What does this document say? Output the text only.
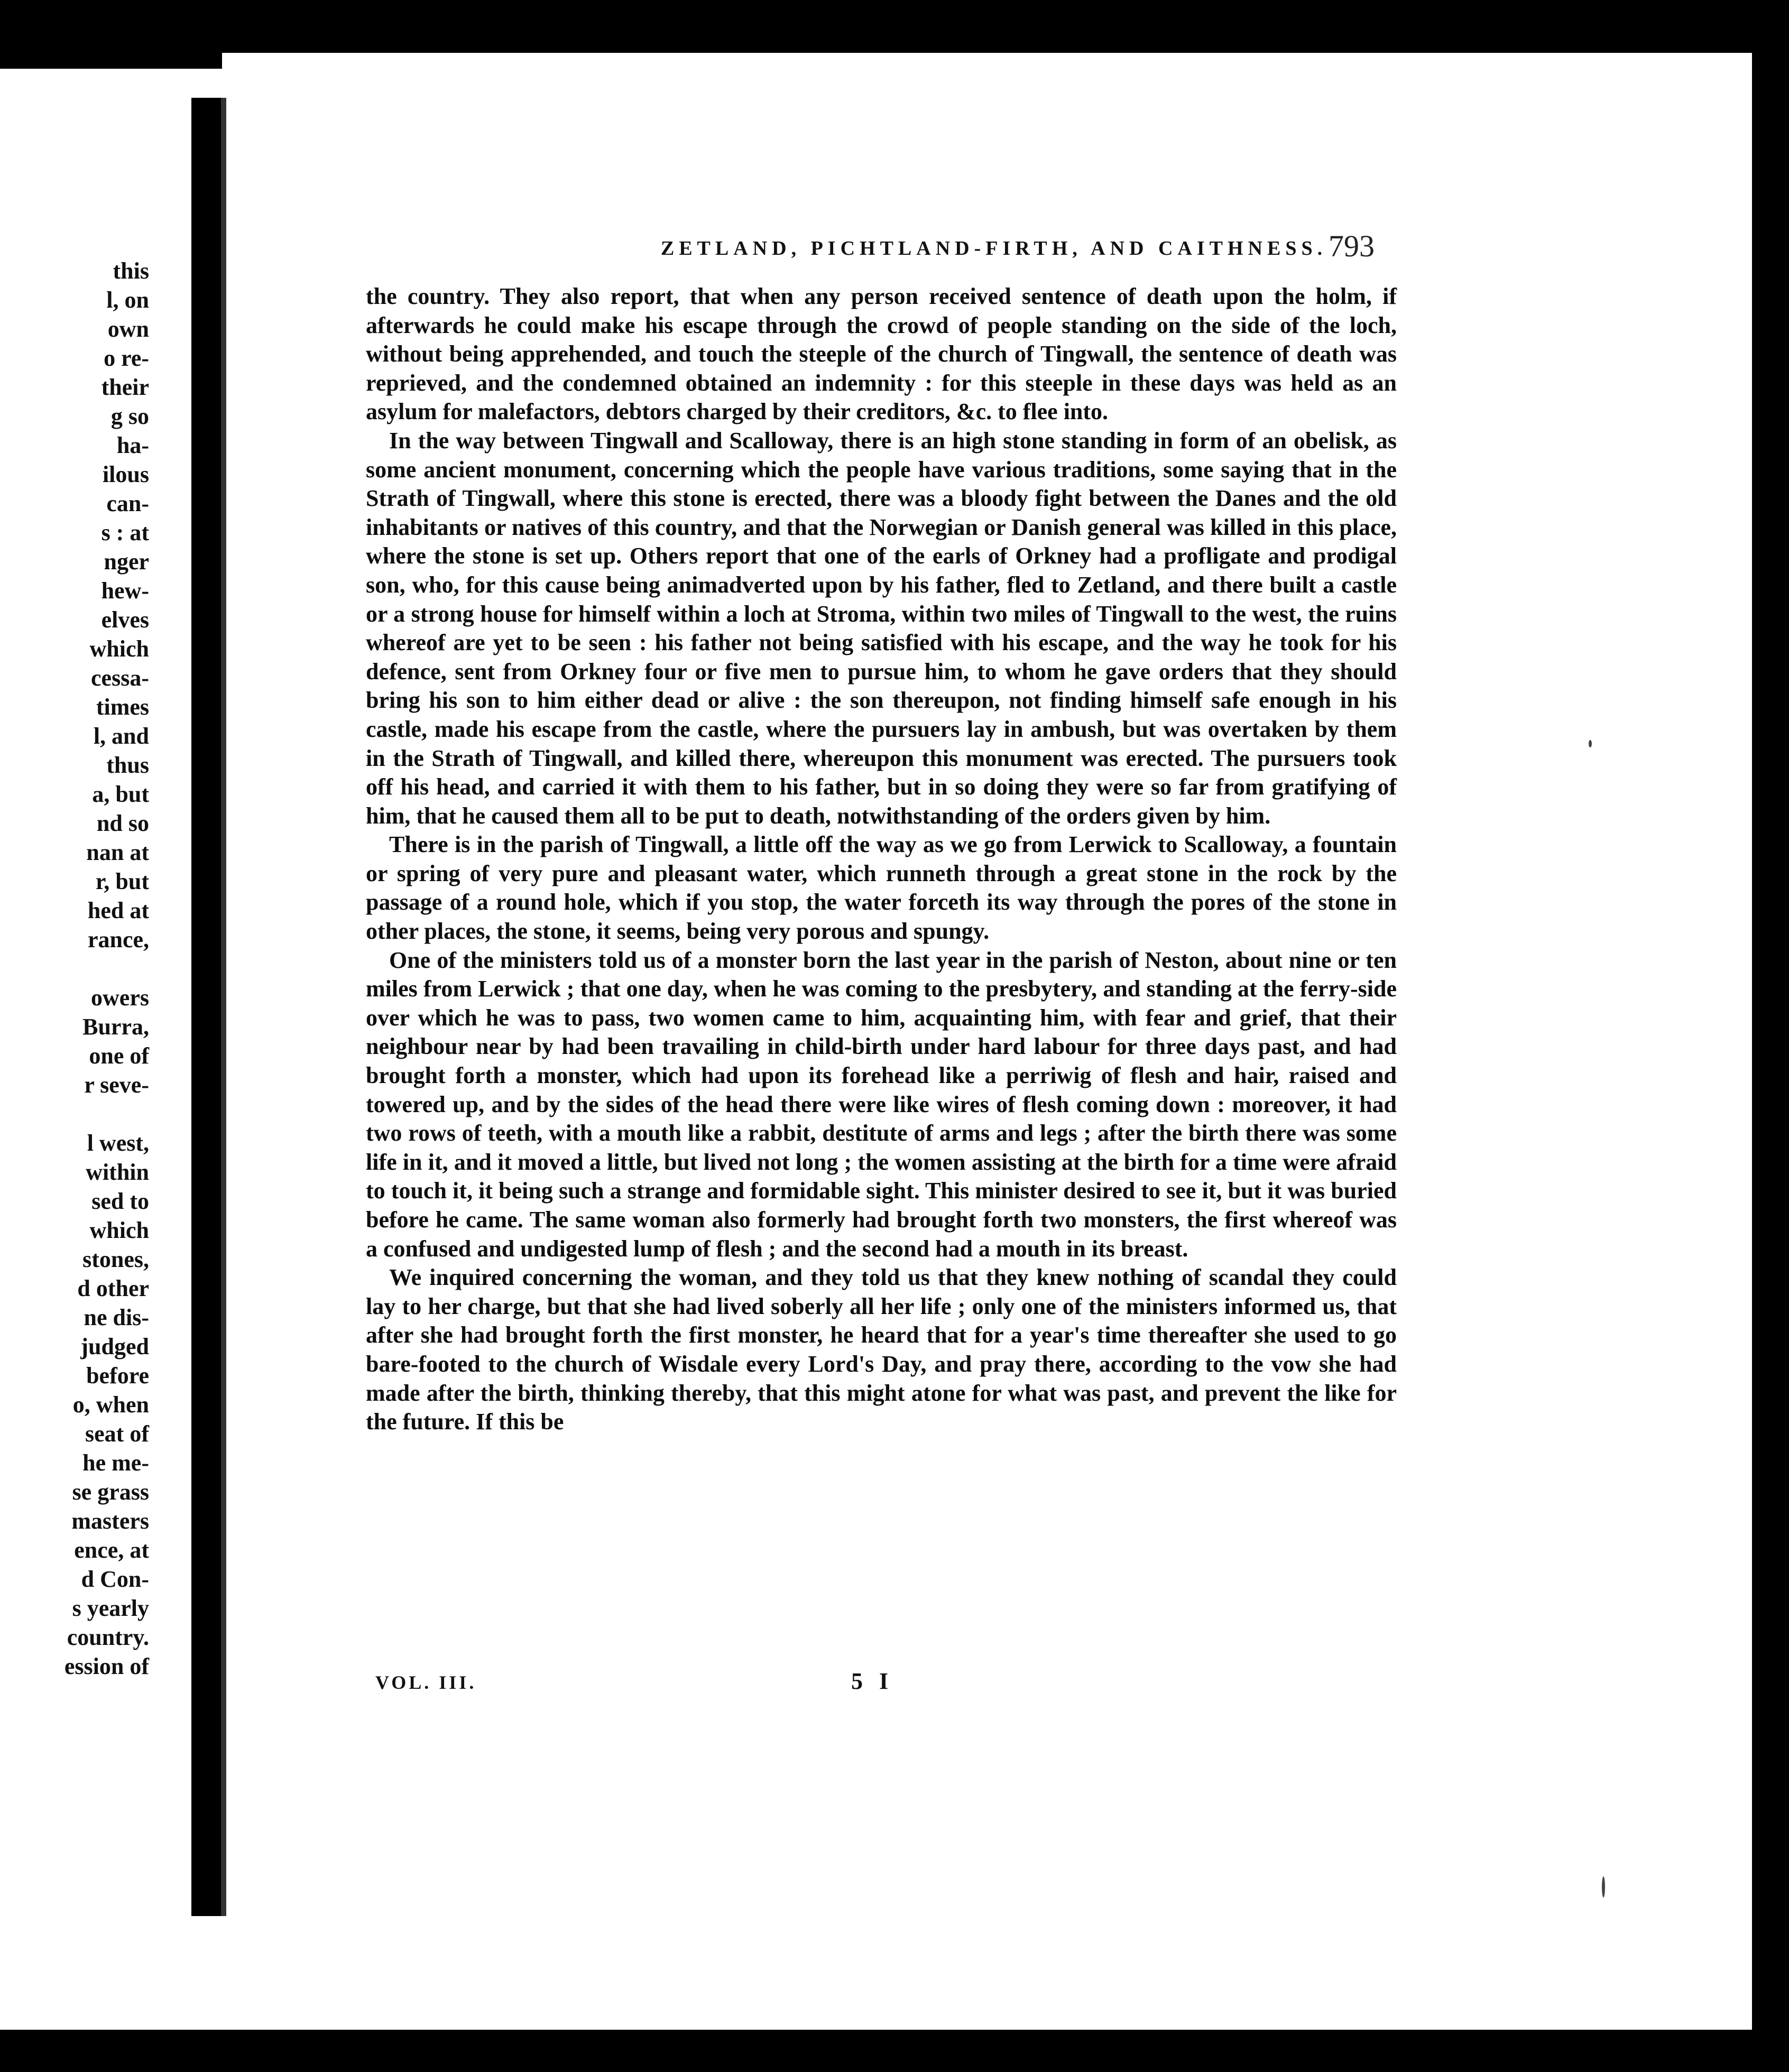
this
l, on
own
o re-
their
g so
ha-
ilous
can-
s : at
nger
hew-
elves
which
cessa-
times
l, and
thus
a, but
nd so
nan at
r, but
hed at
rance,
owers
Burra,
one of
r seve-
l west,
within
sed to
which
stones,
d other
ne dis-
judged
before
o, when
seat of
he me-
se grass
masters
ence, at
d Con-
s yearly
country.
ession of
ZETLAND, PICHTLAND-FIRTH, AND CAITHNESS. 793

the country. They also report, that when any person received sentence of death upon the holm, if afterwards he could make his escape through the crowd of people standing on the side of the loch, without being apprehended, and touch the steeple of the church of Tingwall, the sentence of death was reprieved, and the condemned obtained an indemnity : for this steeple in these days was held as an asylum for malefactors, debtors charged by their creditors, &c. to flee into.

In the way between Tingwall and Scalloway, there is an high stone standing in form of an obelisk, as some ancient monument, concerning which the people have various traditions, some saying that in the Strath of Tingwall, where this stone is erected, there was a bloody fight between the Danes and the old inhabitants or natives of this country, and that the Norwegian or Danish general was killed in this place, where the stone is set up. Others report that one of the earls of Orkney had a profligate and prodigal son, who, for this cause being animadverted upon by his father, fled to Zetland, and there built a castle or a strong house for himself within a loch at Stroma, within two miles of Tingwall to the west, the ruins whereof are yet to be seen : his father not being satisfied with his escape, and the way he took for his defence, sent from Orkney four or five men to pursue him, to whom he gave orders that they should bring his son to him either dead or alive : the son thereupon, not finding himself safe enough in his castle, made his escape from the castle, where the pursuers lay in ambush, but was overtaken by them in the Strath of Tingwall, and killed there, whereupon this monument was erected. The pursuers took off his head, and carried it with them to his father, but in so doing they were so far from gratifying of him, that he caused them all to be put to death, notwithstanding of the orders given by him.

There is in the parish of Tingwall, a little off the way as we go from Lerwick to Scalloway, a fountain or spring of very pure and pleasant water, which runneth through a great stone in the rock by the passage of a round hole, which if you stop, the water forceth its way through the pores of the stone in other places, the stone, it seems, being very porous and spungy.

One of the ministers told us of a monster born the last year in the parish of Neston, about nine or ten miles from Lerwick ; that one day, when he was coming to the presbytery, and standing at the ferry-side over which he was to pass, two women came to him, acquainting him, with fear and grief, that their neighbour near by had been travailing in child-birth under hard labour for three days past, and had brought forth a monster, which had upon its forehead like a perriwig of flesh and hair, raised and towered up, and by the sides of the head there were like wires of flesh coming down : moreover, it had two rows of teeth, with a mouth like a rabbit, destitute of arms and legs ; after the birth there was some life in it, and it moved a little, but lived not long ; the women assisting at the birth for a time were afraid to touch it, it being such a strange and formidable sight. This minister desired to see it, but it was buried before he came. The same woman also formerly had brought forth two monsters, the first whereof was a confused and undigested lump of flesh ; and the second had a mouth in its breast.

We inquired concerning the woman, and they told us that they knew nothing of scandal they could lay to her charge, but that she had lived soberly all her life ; only one of the ministers informed us, that after she had brought forth the first monster, he heard that for a year's time thereafter she used to go bare-footed to the church of Wisdale every Lord's Day, and pray there, according to the vow she had made after the birth, thinking thereby, that this might atone for what was past, and prevent the like for the future. If this be

VOL. III.	5 I
